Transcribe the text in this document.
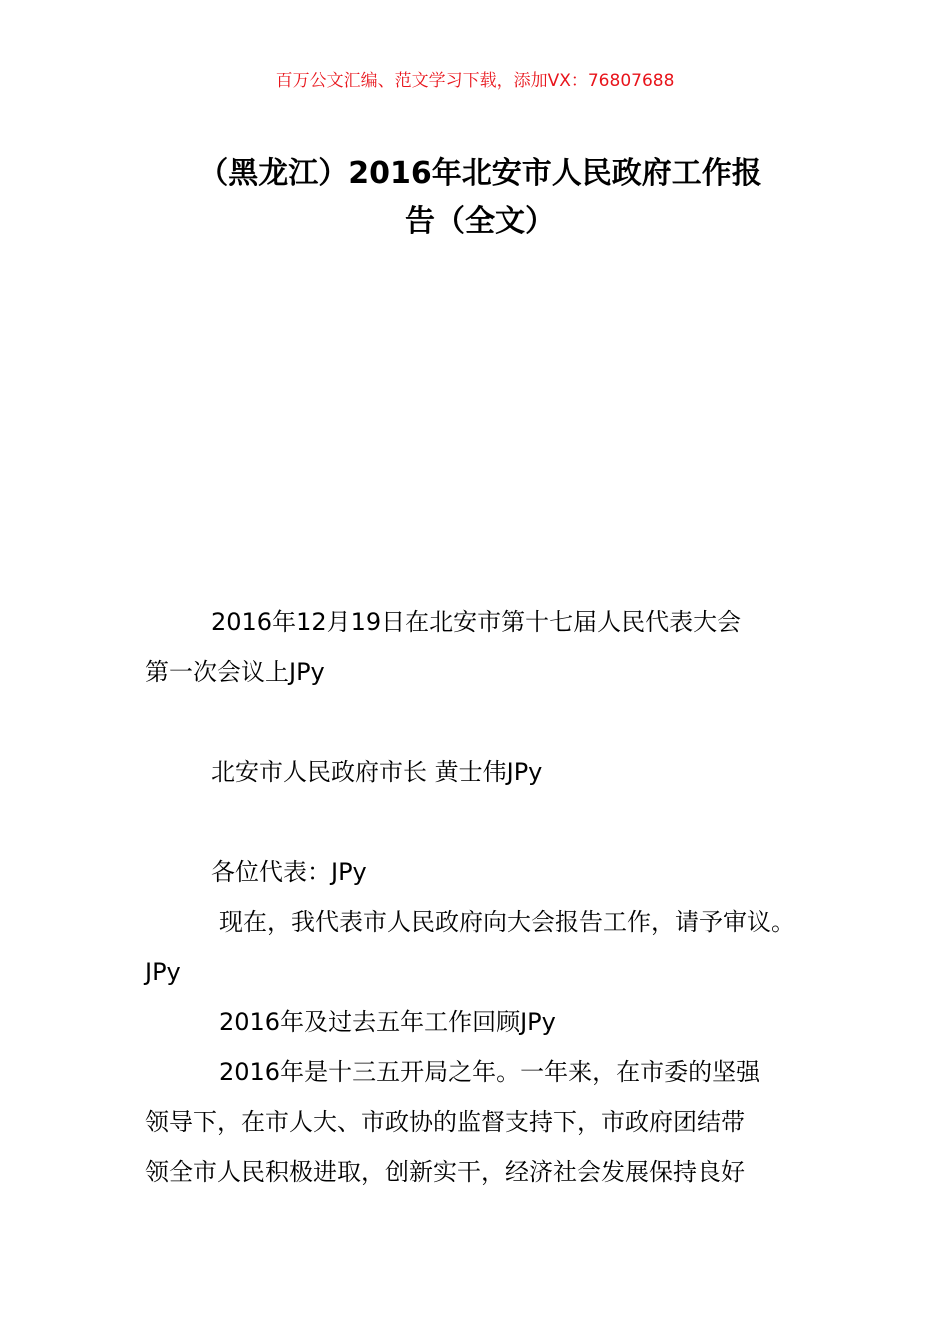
百万公文汇编、范文学习下载，添加VX：76807688
（黑龙江）2016年北安市人民政府工作报
告（全文）
2016年12月19日在北安市第十七届人民代表大会
第一次会议上JPy
北安市人民政府市长 黄士伟JPy
各位代表：JPy
现在，我代表市人民政府向大会报告工作，请予审议。
JPy
2016年及过去五年工作回顾JPy
2016年是十三五开局之年。一年来，在市委的坚强
领导下，在市人大、市政协的监督支持下，市政府团结带
领全市人民积极进取，创新实干，经济社会发展保持良好
